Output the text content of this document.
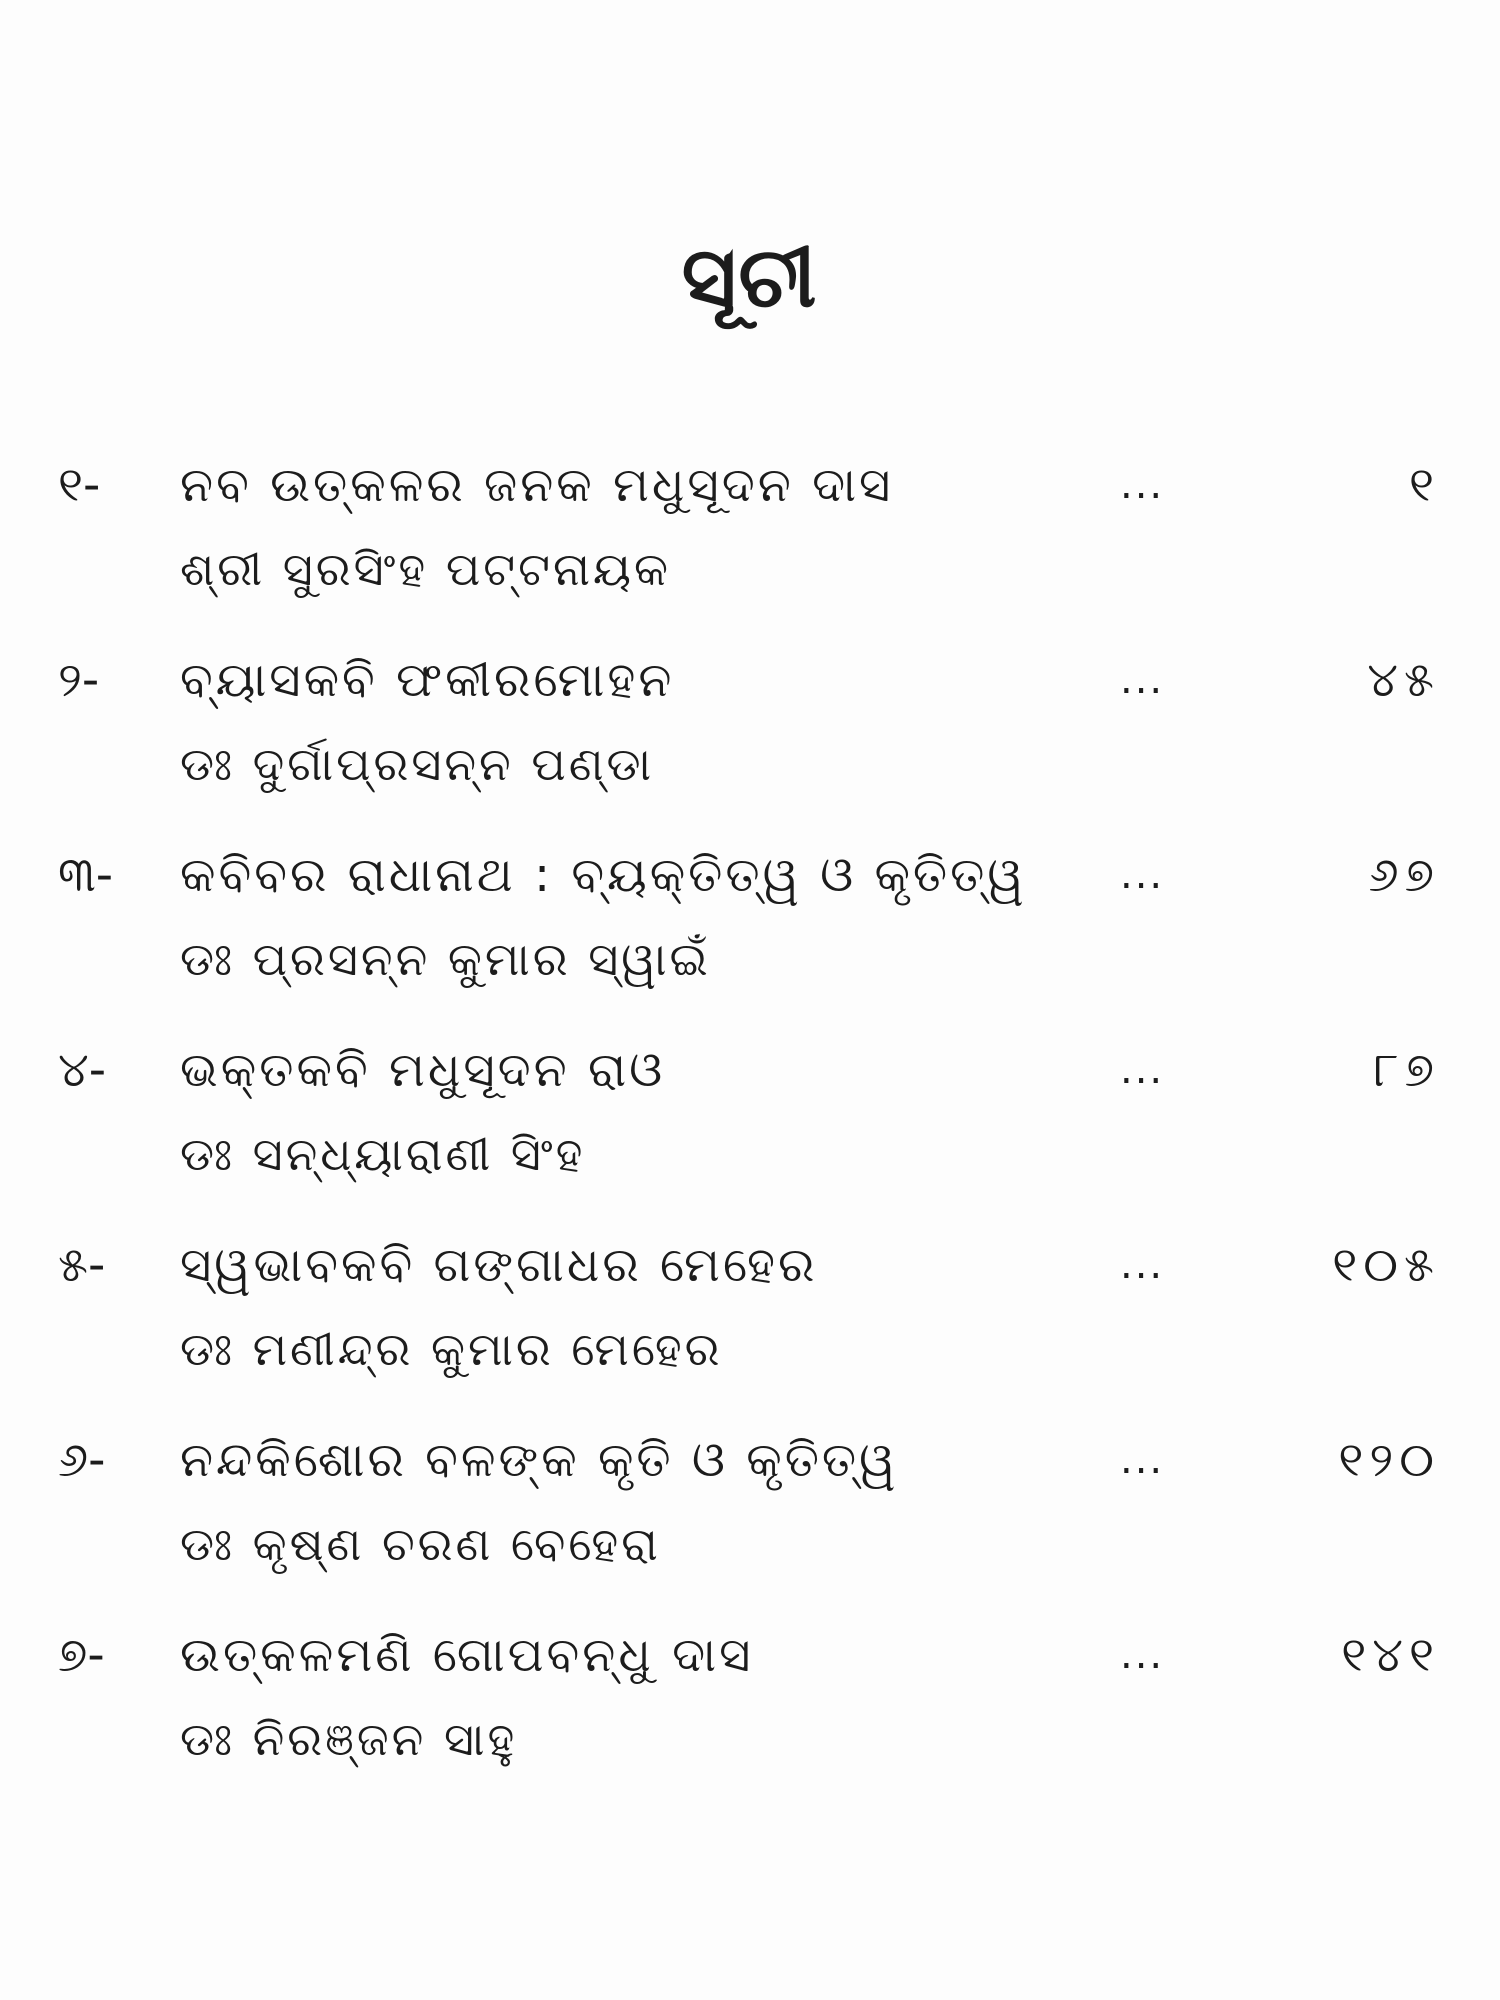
ସୂଚୀ
୧- ନବ ଉତ୍କଳର ଜନକ ମଧୁସୂଦନ ଦାସ	...	୧
ଶ୍ରୀ ସୁରସିଂହ ପଟ୍ଟନାୟକ
୨- ବ୍ୟାସକବି ଫକୀରମୋହନ	...	୪୫
ଡଃ ଦୁର୍ଗାପ୍ରସନ୍ନ ପଣ୍ଡା
୩- କବିବର ରାଧାନାଥ : ବ୍ୟକ୍ତିତ୍ୱ ଓ କୃତିତ୍ୱ ...	୬୭
ଡଃ ପ୍ରସନ୍ନ କୁମାର ସ୍ୱାଇଁ
୪- ଭକ୍ତକବି ମଧୁସୂଦନ ରାଓ	...	୮୭
ଡଃ ସନ୍ଧ୍ୟାରାଣୀ ସିଂହ
୫- ସ୍ୱଭାବକବି ଗଙ୍ଗାଧର ମେହେର	...	୧୦୫
ଡଃ ମଣୀନ୍ଦ୍ର କୁମାର ମେହେର
୬- ନନ୍ଦକିଶୋର ବଳଙ୍କ କୃତି ଓ କୃତିତ୍ୱ	...	୧୨୦
ଡଃ କୃଷ୍ଣ ଚରଣ ବେହେରା
୭- ଉତ୍କଳମଣି ଗୋପବନ୍ଧୁ ଦାସ	...	୧୪୧
ଡଃ ନିରଞ୍ଜନ ସାହୁ
